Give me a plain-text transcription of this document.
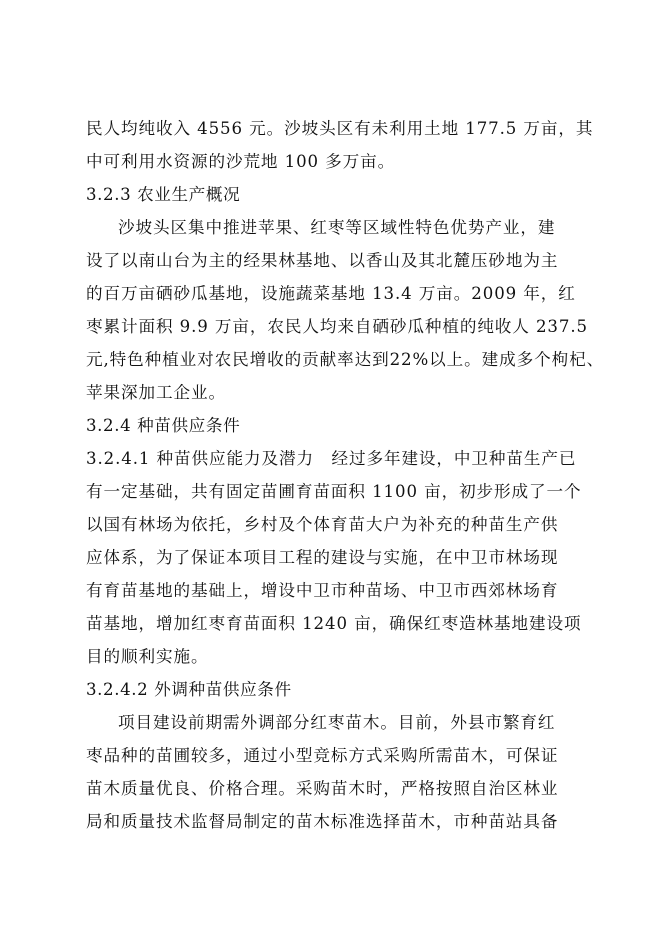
民人均纯收入 4556 元。沙坡头区有未利用土地 177.5 万亩，其
中可利用水资源的沙荒地 100 多万亩。
3.2.3 农业生产概况
沙坡头区集中推进苹果、红枣等区域性特色优势产业，建
设了以南山台为主的经果林基地、以香山及其北麓压砂地为主
的百万亩硒砂瓜基地，设施蔬菜基地 13.4 万亩。2009 年，红
枣累计面积 9.9 万亩，农民人均来自硒砂瓜种植的纯收人 237.5
元,特色种植业对农民增收的贡献率达到22%以上。建成多个枸杞、
苹果深加工企业。
3.2.4 种苗供应条件
3.2.4.1 种苗供应能力及潜力　经过多年建设，中卫种苗生产已
有一定基础，共有固定苗圃育苗面积 1100 亩，初步形成了一个
以国有林场为依托，乡村及个体育苗大户为补充的种苗生产供
应体系，为了保证本项目工程的建设与实施，在中卫市林场现
有育苗基地的基础上，增设中卫市种苗场、中卫市西郊林场育
苗基地，增加红枣育苗面积 1240 亩，确保红枣造林基地建设项
目的顺利实施。
3.2.4.2 外调种苗供应条件
项目建设前期需外调部分红枣苗木。目前，外县市繁育红
枣品种的苗圃较多，通过小型竞标方式采购所需苗木，可保证
苗木质量优良、价格合理。采购苗木时，严格按照自治区林业
局和质量技术监督局制定的苗木标准选择苗木，市种苗站具备
